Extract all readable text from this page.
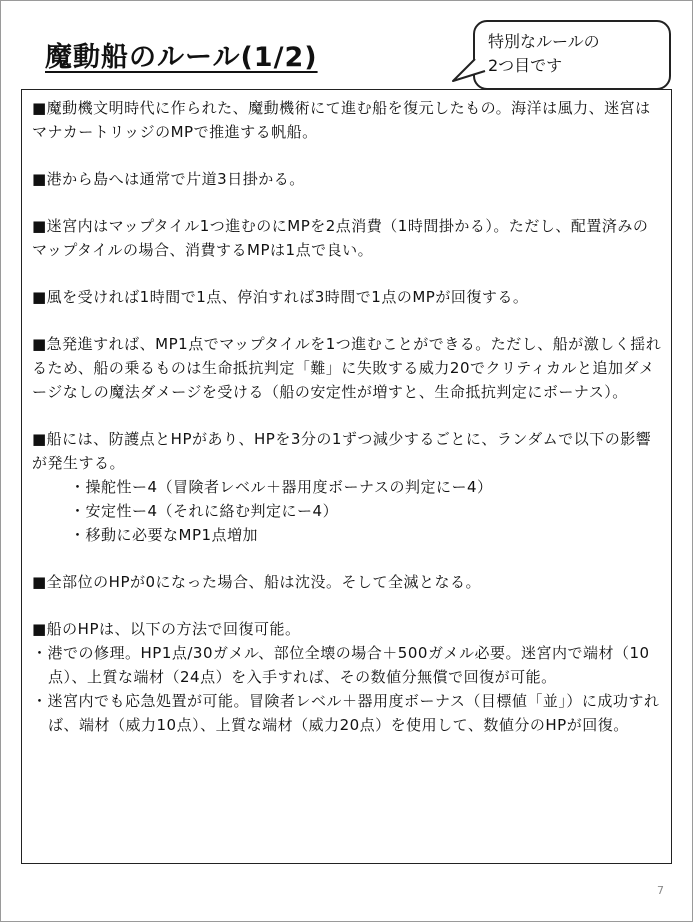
魔動船のルール(1/2)
特別なルールの
2つ目です

■魔動機文明時代に作られた、魔動機術にて進む船を復元したもの。海洋は風力、迷宮はマナカートリッジのMPで推進する帆船。

■港から島へは通常で片道3日掛かる。

■迷宮内はマップタイル1つ進むのにMPを2点消費（1時間掛かる）。ただし、配置済みのマップタイルの場合、消費するMPは1点で良い。

■風を受ければ1時間で1点、停泊すれば3時間で1点のMPが回復する。

■急発進すれば、MP1点でマップタイルを1つ進むことができる。ただし、船が激しく揺れるため、船の乗るものは生命抵抗判定「難」に失敗する威力20でクリティカルと追加ダメージなしの魔法ダメージを受ける（船の安定性が増すと、生命抵抗判定にボーナス）。

■船には、防護点とHPがあり、HPを3分の1ずつ減少するごとに、ランダムで以下の影響が発生する。

・操舵性ー4（冒険者レベル＋器用度ボーナスの判定にー4）
・安定性ー4（それに絡む判定にー4）
・移動に必要なMP1点増加

■全部位のHPが0になった場合、船は沈没。そして全滅となる。

■船のHPは、以下の方法で回復可能。

・港での修理。HP1点/30ガメル、部位全壊の場合＋500ガメル必要。迷宮内で端材（10点）、上質な端材（24点）を入手すれば、その数値分無償で回復が可能。
・迷宮内でも応急処置が可能。冒険者レベル＋器用度ボーナス（目標値「並」）に成功すれば、端材（威力10点）、上質な端材（威力20点）を使用して、数値分のHPが回復。
7
